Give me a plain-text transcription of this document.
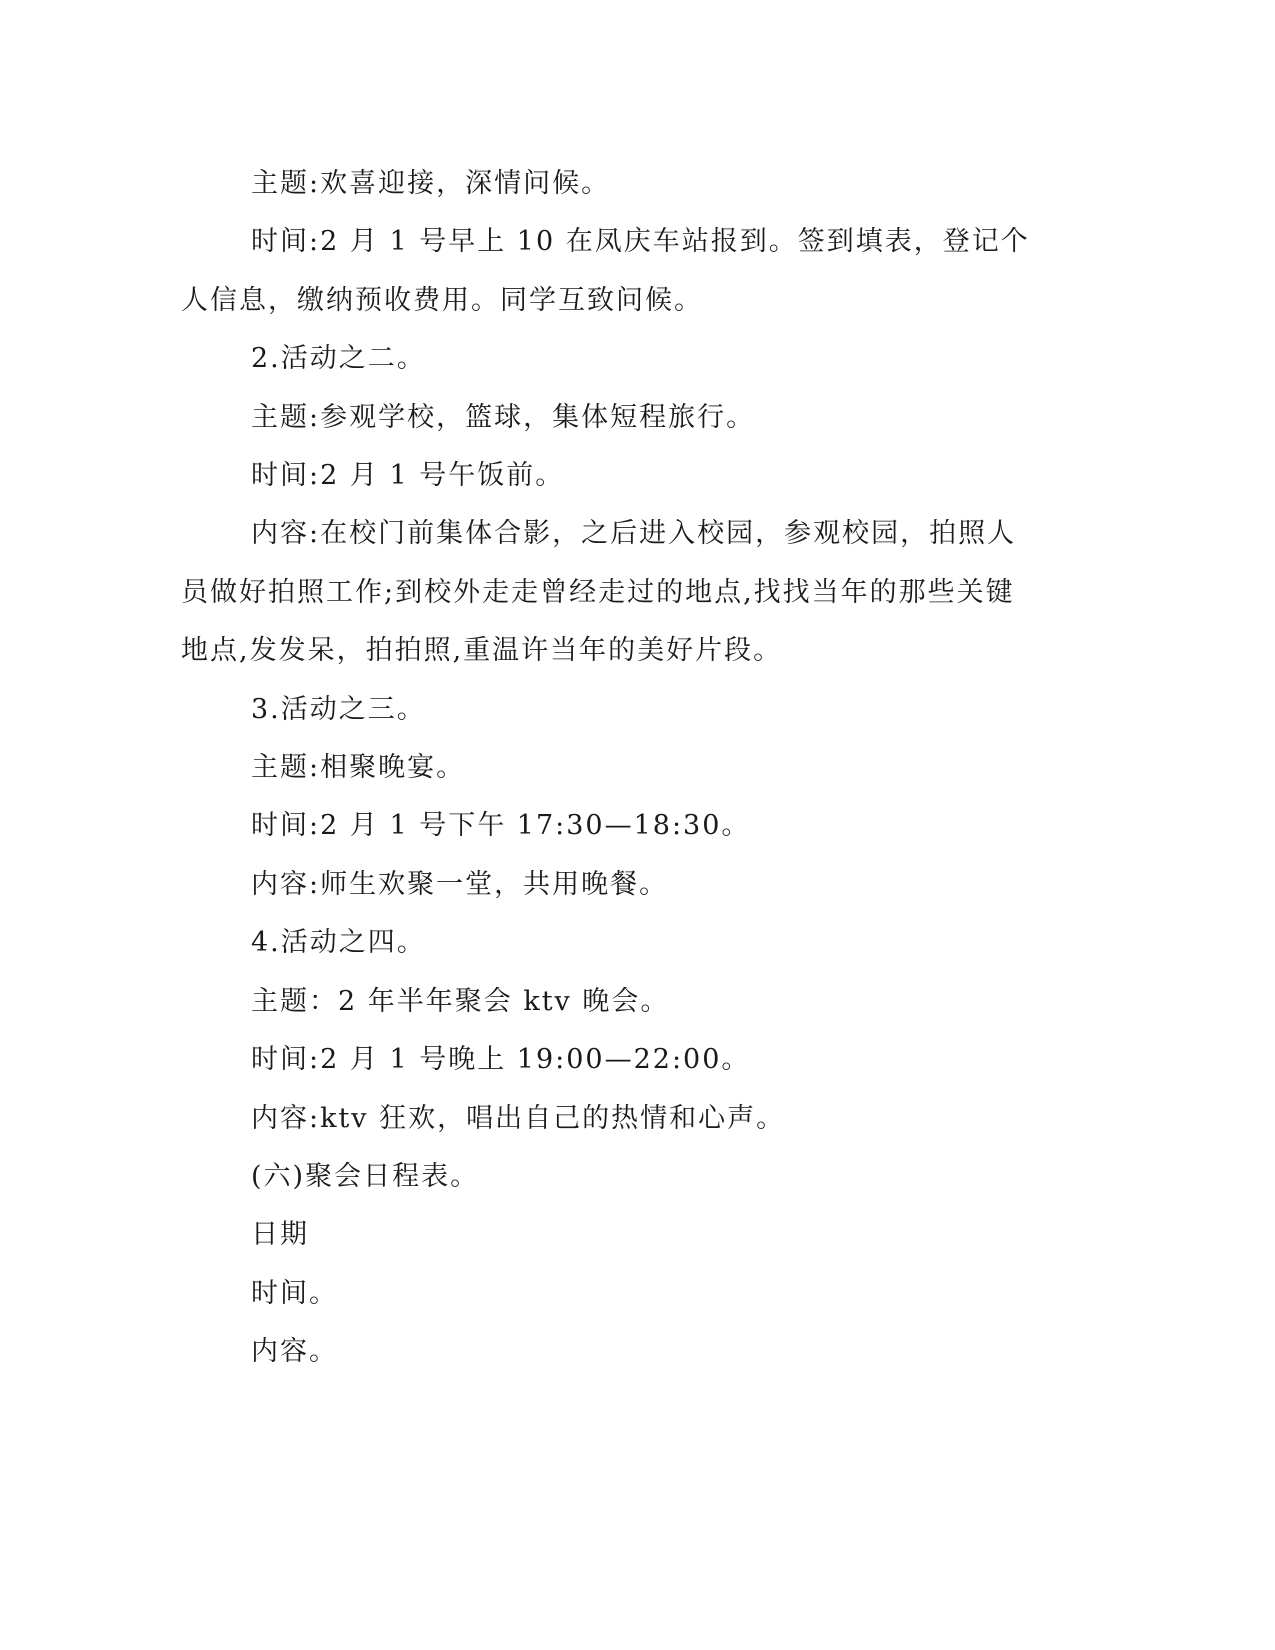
主题:欢喜迎接，深情问候。

时间:2 月 1 号早上 10 在凤庆车站报到。签到填表，登记个人信息，缴纳预收费用。同学互致问候。

2.活动之二。

主题:参观学校，篮球，集体短程旅行。

时间:2 月 1 号午饭前。

内容:在校门前集体合影，之后进入校园，参观校园，拍照人员做好拍照工作;到校外走走曾经走过的地点,找找当年的那些关键地点,发发呆，拍拍照,重温许当年的美好片段。

3.活动之三。

主题:相聚晚宴。

时间:2 月 1 号下午 17:30—18:30。

内容:师生欢聚一堂，共用晚餐。

4.活动之四。

主题：2 年半年聚会 ktv 晚会。

时间:2 月 1 号晚上 19:00—22:00。

内容:ktv 狂欢，唱出自己的热情和心声。

(六)聚会日程表。

日期

时间。

内容。
